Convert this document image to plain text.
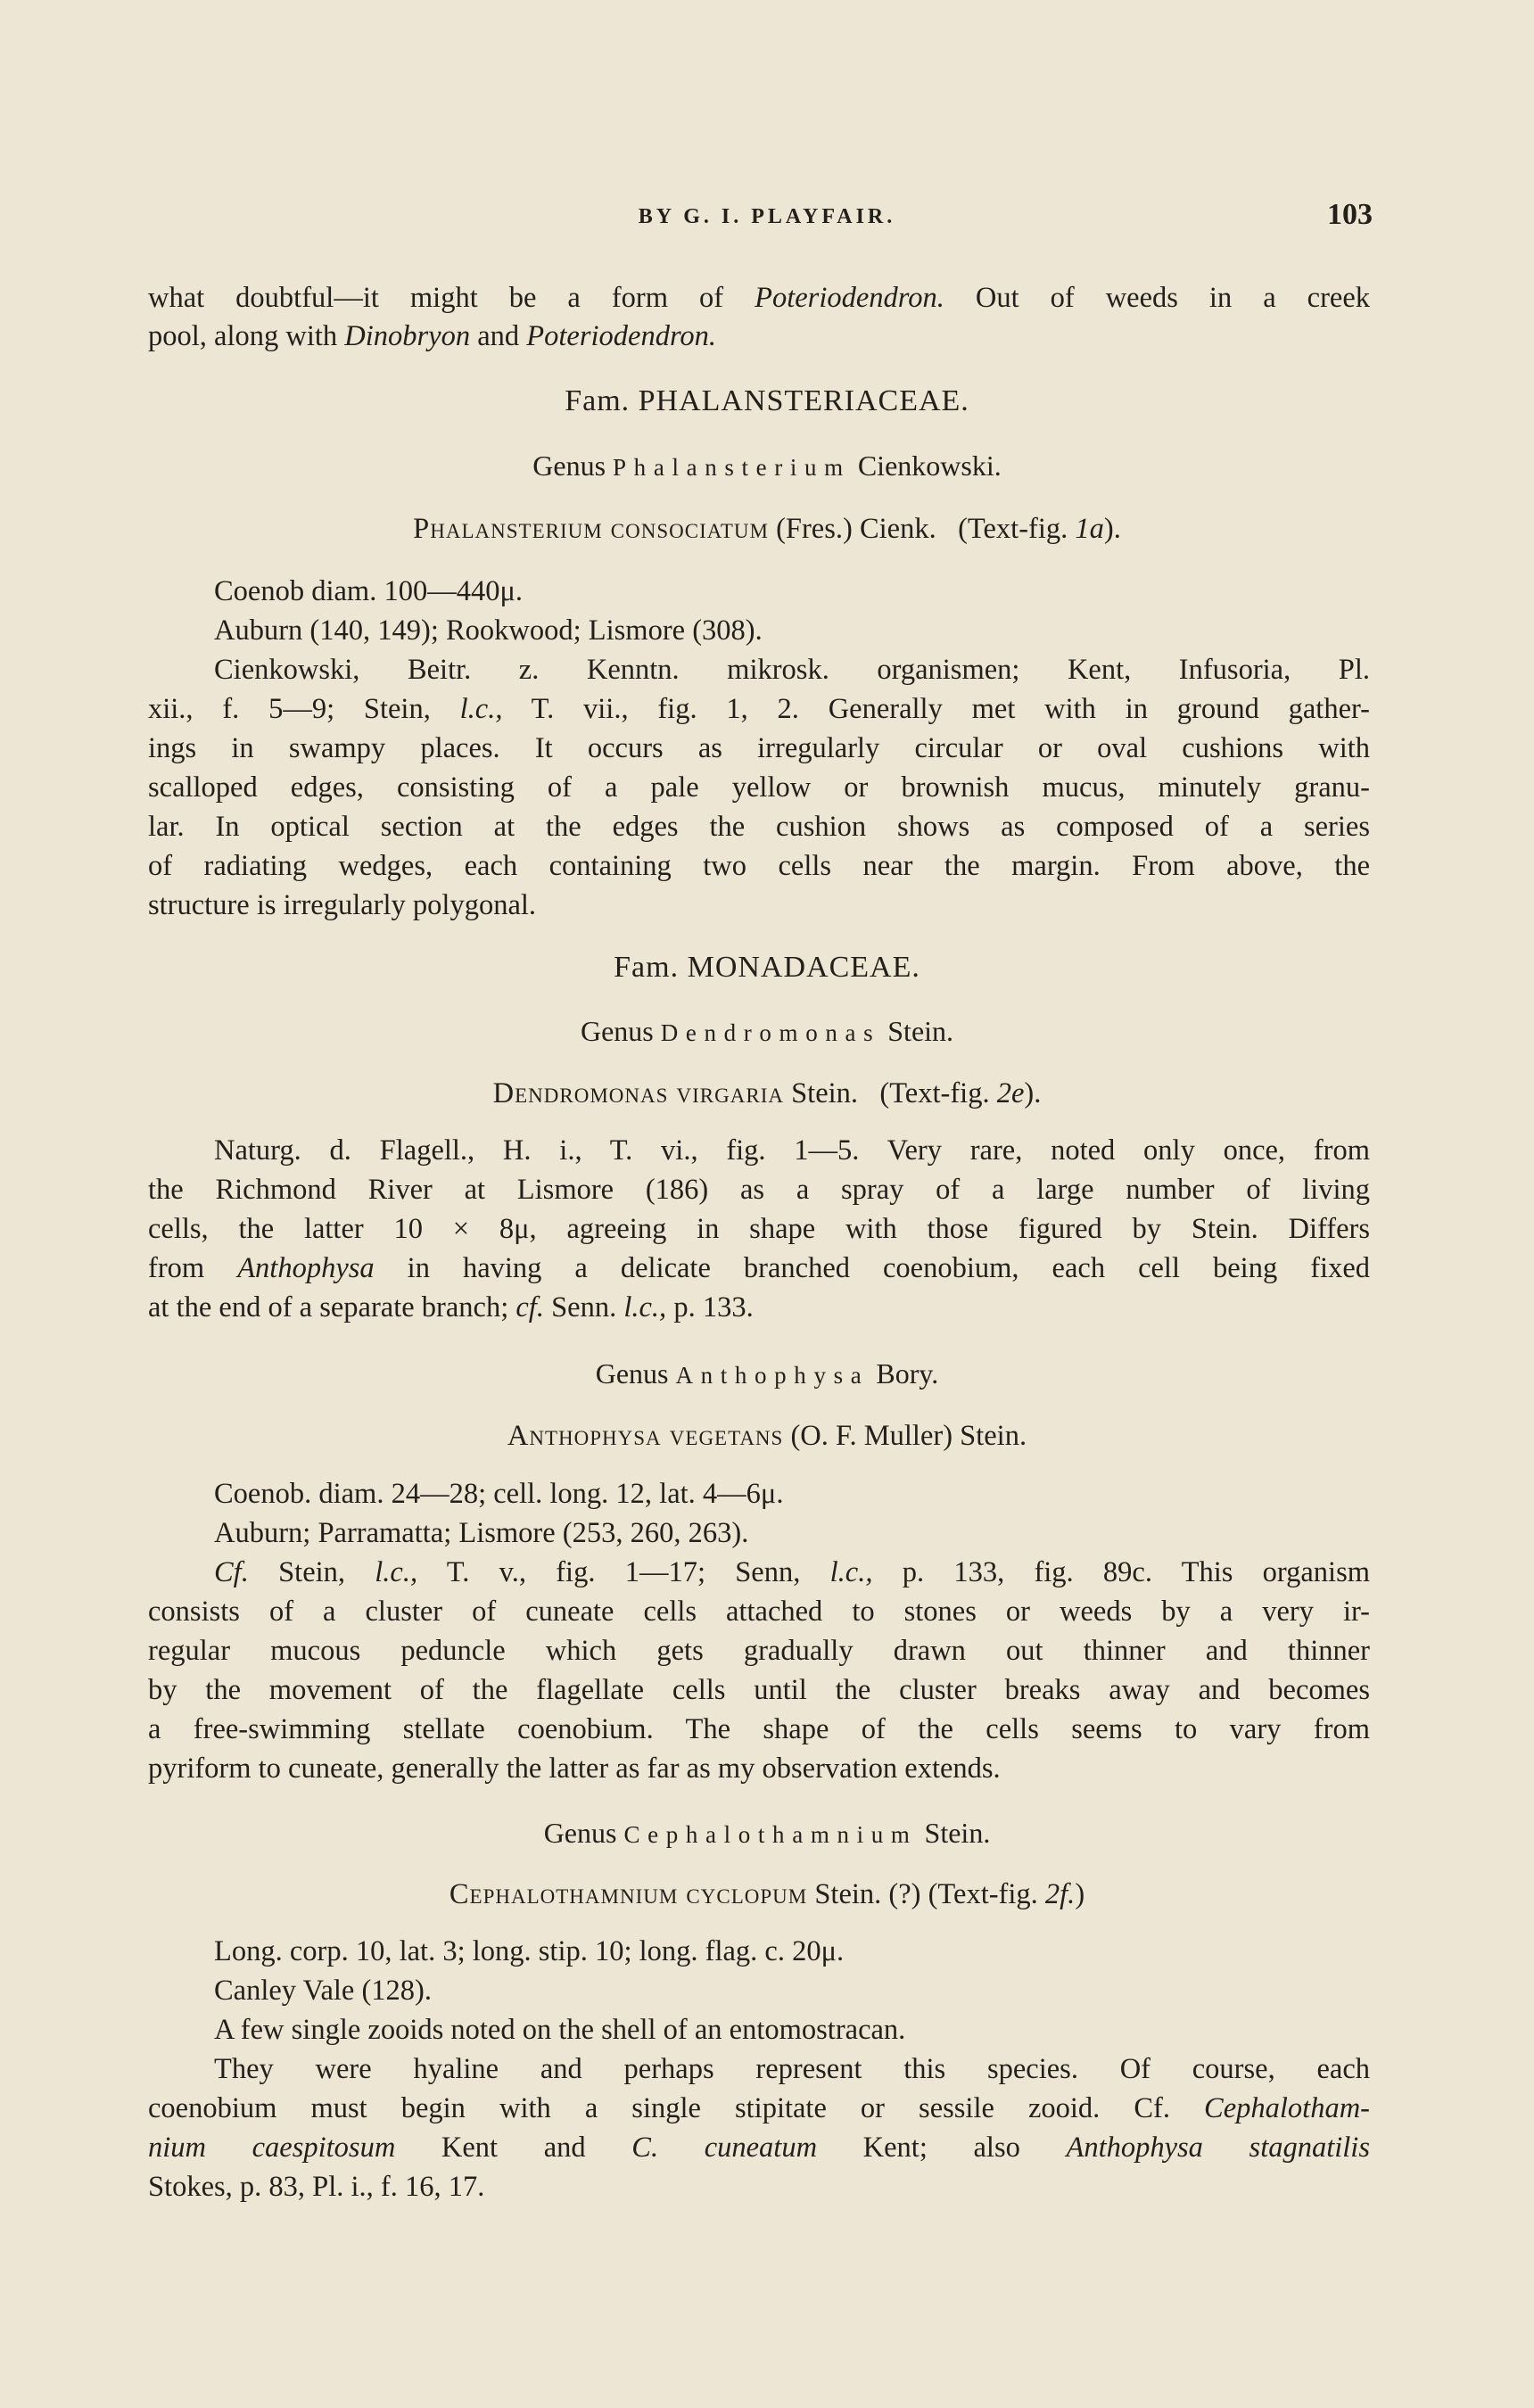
BY G. I. PLAYFAIR.	103
what doubtful—it might be a form of Poteriodendron. Out of weeds in a creek
pool, along with Dinobryon and Poteriodendron.
Fam. PHALANSTERIACEAE.
Genus Phalansterium Cienkowski.
Phalansterium consociatum (Fres.) Cienk. (Text-fig. 1a).
Coenob diam. 100—440μ.
Auburn (140, 149); Rookwood; Lismore (308).
Cienkowski, Beitr. z. Kenntn. mikrosk. organismen; Kent, Infusoria, Pl.
xii., f. 5—9; Stein, l.c., T. vii., fig. 1, 2. Generally met with in ground gather-
ings in swampy places. It occurs as irregularly circular or oval cushions with
scalloped edges, consisting of a pale yellow or brownish mucus, minutely granu-
lar. In optical section at the edges the cushion shows as composed of a series
of radiating wedges, each containing two cells near the margin. From above, the
structure is irregularly polygonal.
Fam. MONADACEAE.
Genus Dendromonas Stein.
Dendromonas virgaria Stein. (Text-fig. 2e).
Naturg. d. Flagell., H. i., T. vi., fig. 1—5. Very rare, noted only once, from
the Richmond River at Lismore (186) as a spray of a large number of living
cells, the latter 10 × 8μ, agreeing in shape with those figured by Stein. Differs
from Anthophysa in having a delicate branched coenobium, each cell being fixed
at the end of a separate branch; cf. Senn. l.c., p. 133.
Genus Anthophysa Bory.
Anthophysa vegetans (O. F. Muller) Stein.
Coenob. diam. 24—28; cell. long. 12, lat. 4—6μ.
Auburn; Parramatta; Lismore (253, 260, 263).
Cf. Stein, l.c., T. v., fig. 1—17; Senn, l.c., p. 133, fig. 89c. This organism
consists of a cluster of cuneate cells attached to stones or weeds by a very ir-
regular mucous peduncle which gets gradually drawn out thinner and thinner
by the movement of the flagellate cells until the cluster breaks away and becomes
a free-swimming stellate coenobium. The shape of the cells seems to vary from
pyriform to cuneate, generally the latter as far as my observation extends.
Genus Cephalothamnium Stein.
Cephalothamnium cyclopum Stein. (?) (Text-fig. 2f.)
Long. corp. 10, lat. 3; long. stip. 10; long. flag. c. 20μ.
Canley Vale (128).
A few single zooids noted on the shell of an entomostracan.
They were hyaline and perhaps represent this species. Of course, each
coenobium must begin with a single stipitate or sessile zooid. Cf. Cephalotham-
nium caespitosum Kent and C. cuneatum Kent; also Anthophysa stagnatilis
Stokes, p. 83, Pl. i., f. 16, 17.
